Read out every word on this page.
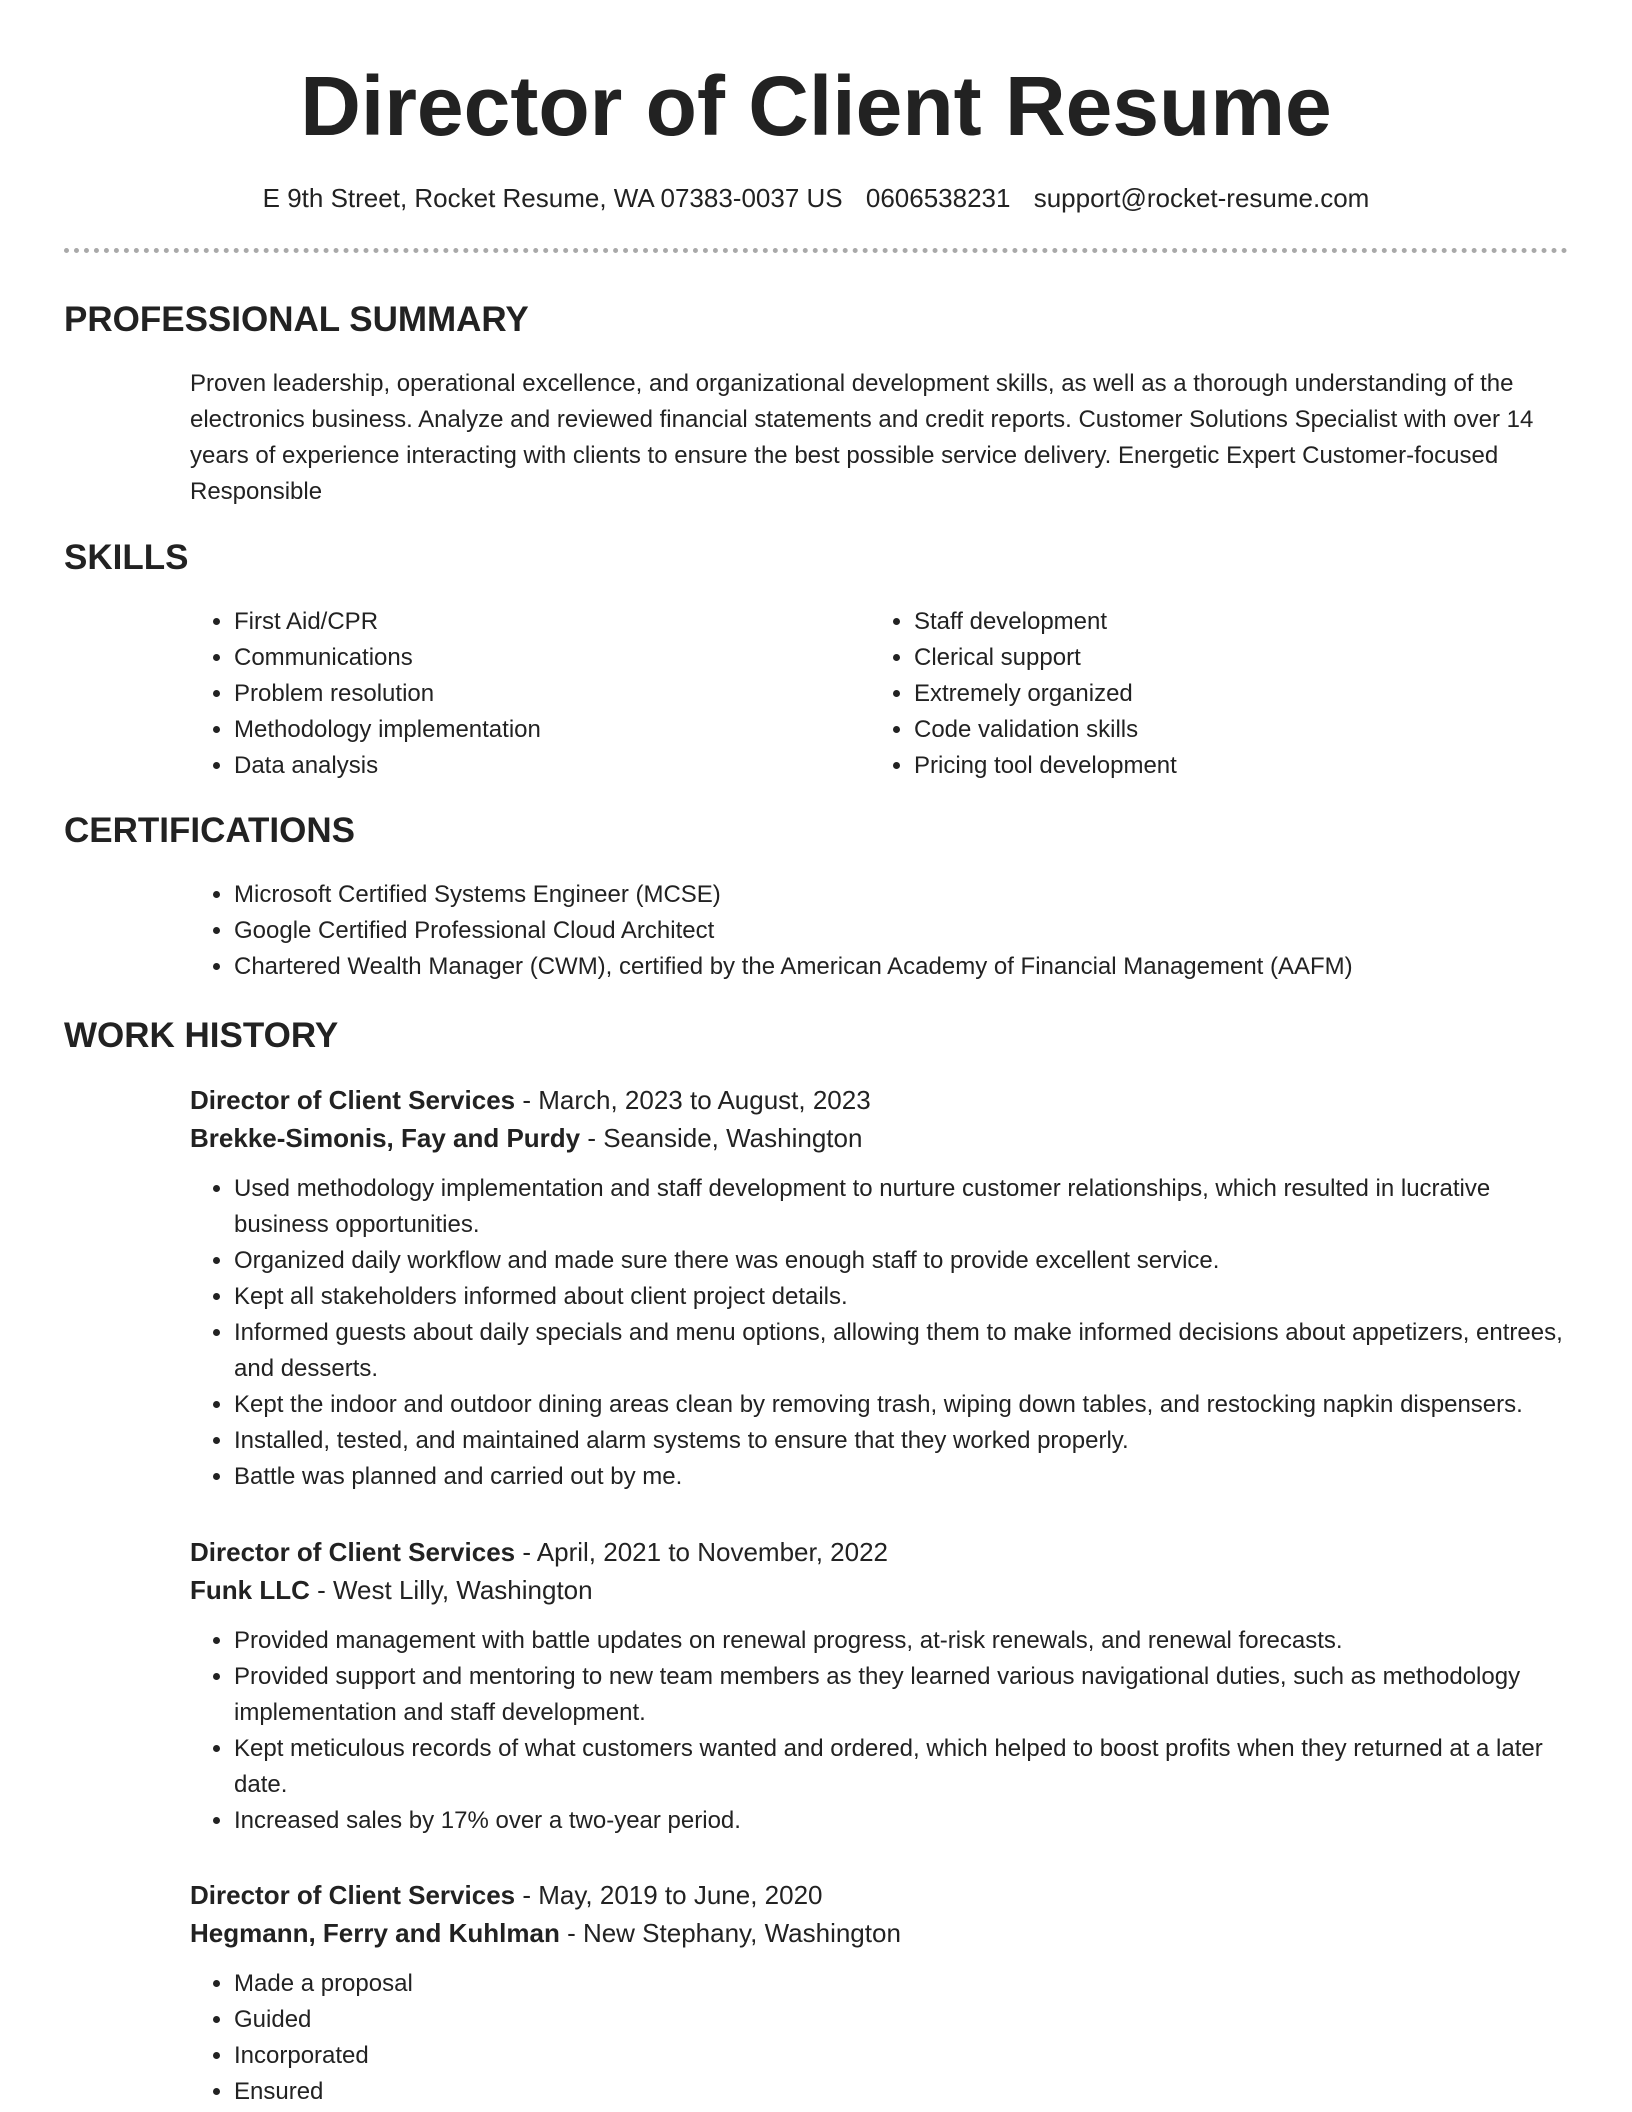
Director of Client Resume
E 9th Street, Rocket Resume, WA 07383-0037 US 0606538231 support@rocket-resume.com
PROFESSIONAL SUMMARY

Proven leadership, operational excellence, and organizational development skills, as well as a thorough understanding of the electronics business. Analyze and reviewed financial statements and credit reports. Customer Solutions Specialist with over 14 years of experience interacting with clients to ensure the best possible service delivery. Energetic Expert Customer-focused Responsible

SKILLS
• First Aid/CPR
• Communications
• Problem resolution
• Methodology implementation
• Data analysis
• Staff development
• Clerical support
• Extremely organized
• Code validation skills
• Pricing tool development
CERTIFICATIONS
• Microsoft Certified Systems Engineer (MCSE)
• Google Certified Professional Cloud Architect
• Chartered Wealth Manager (CWM), certified by the American Academy of Financial Management (AAFM)
WORK HISTORY

Director of Client Services - March, 2023 to August, 2023

Brekke-Simonis, Fay and Purdy - Seanside, Washington

• Used methodology implementation and staff development to nurture customer relationships, which resulted in lucrative business opportunities.
• Organized daily workflow and made sure there was enough staff to provide excellent service.
• Kept all stakeholders informed about client project details.
• Informed guests about daily specials and menu options, allowing them to make informed decisions about appetizers, entrees, and desserts.
• Kept the indoor and outdoor dining areas clean by removing trash, wiping down tables, and restocking napkin dispensers.
• Installed, tested, and maintained alarm systems to ensure that they worked properly.
• Battle was planned and carried out by me.

Director of Client Services - April, 2021 to November, 2022

Funk LLC - West Lilly, Washington

• Provided management with battle updates on renewal progress, at-risk renewals, and renewal forecasts.
• Provided support and mentoring to new team members as they learned various navigational duties, such as methodology implementation and staff development.
• Kept meticulous records of what customers wanted and ordered, which helped to boost profits when they returned at a later date.
• Increased sales by 17% over a two-year period.

Director of Client Services - May, 2019 to June, 2020

Hegmann, Ferry and Kuhlman - New Stephany, Washington

• Made a proposal
• Guided
• Incorporated
• Ensured
